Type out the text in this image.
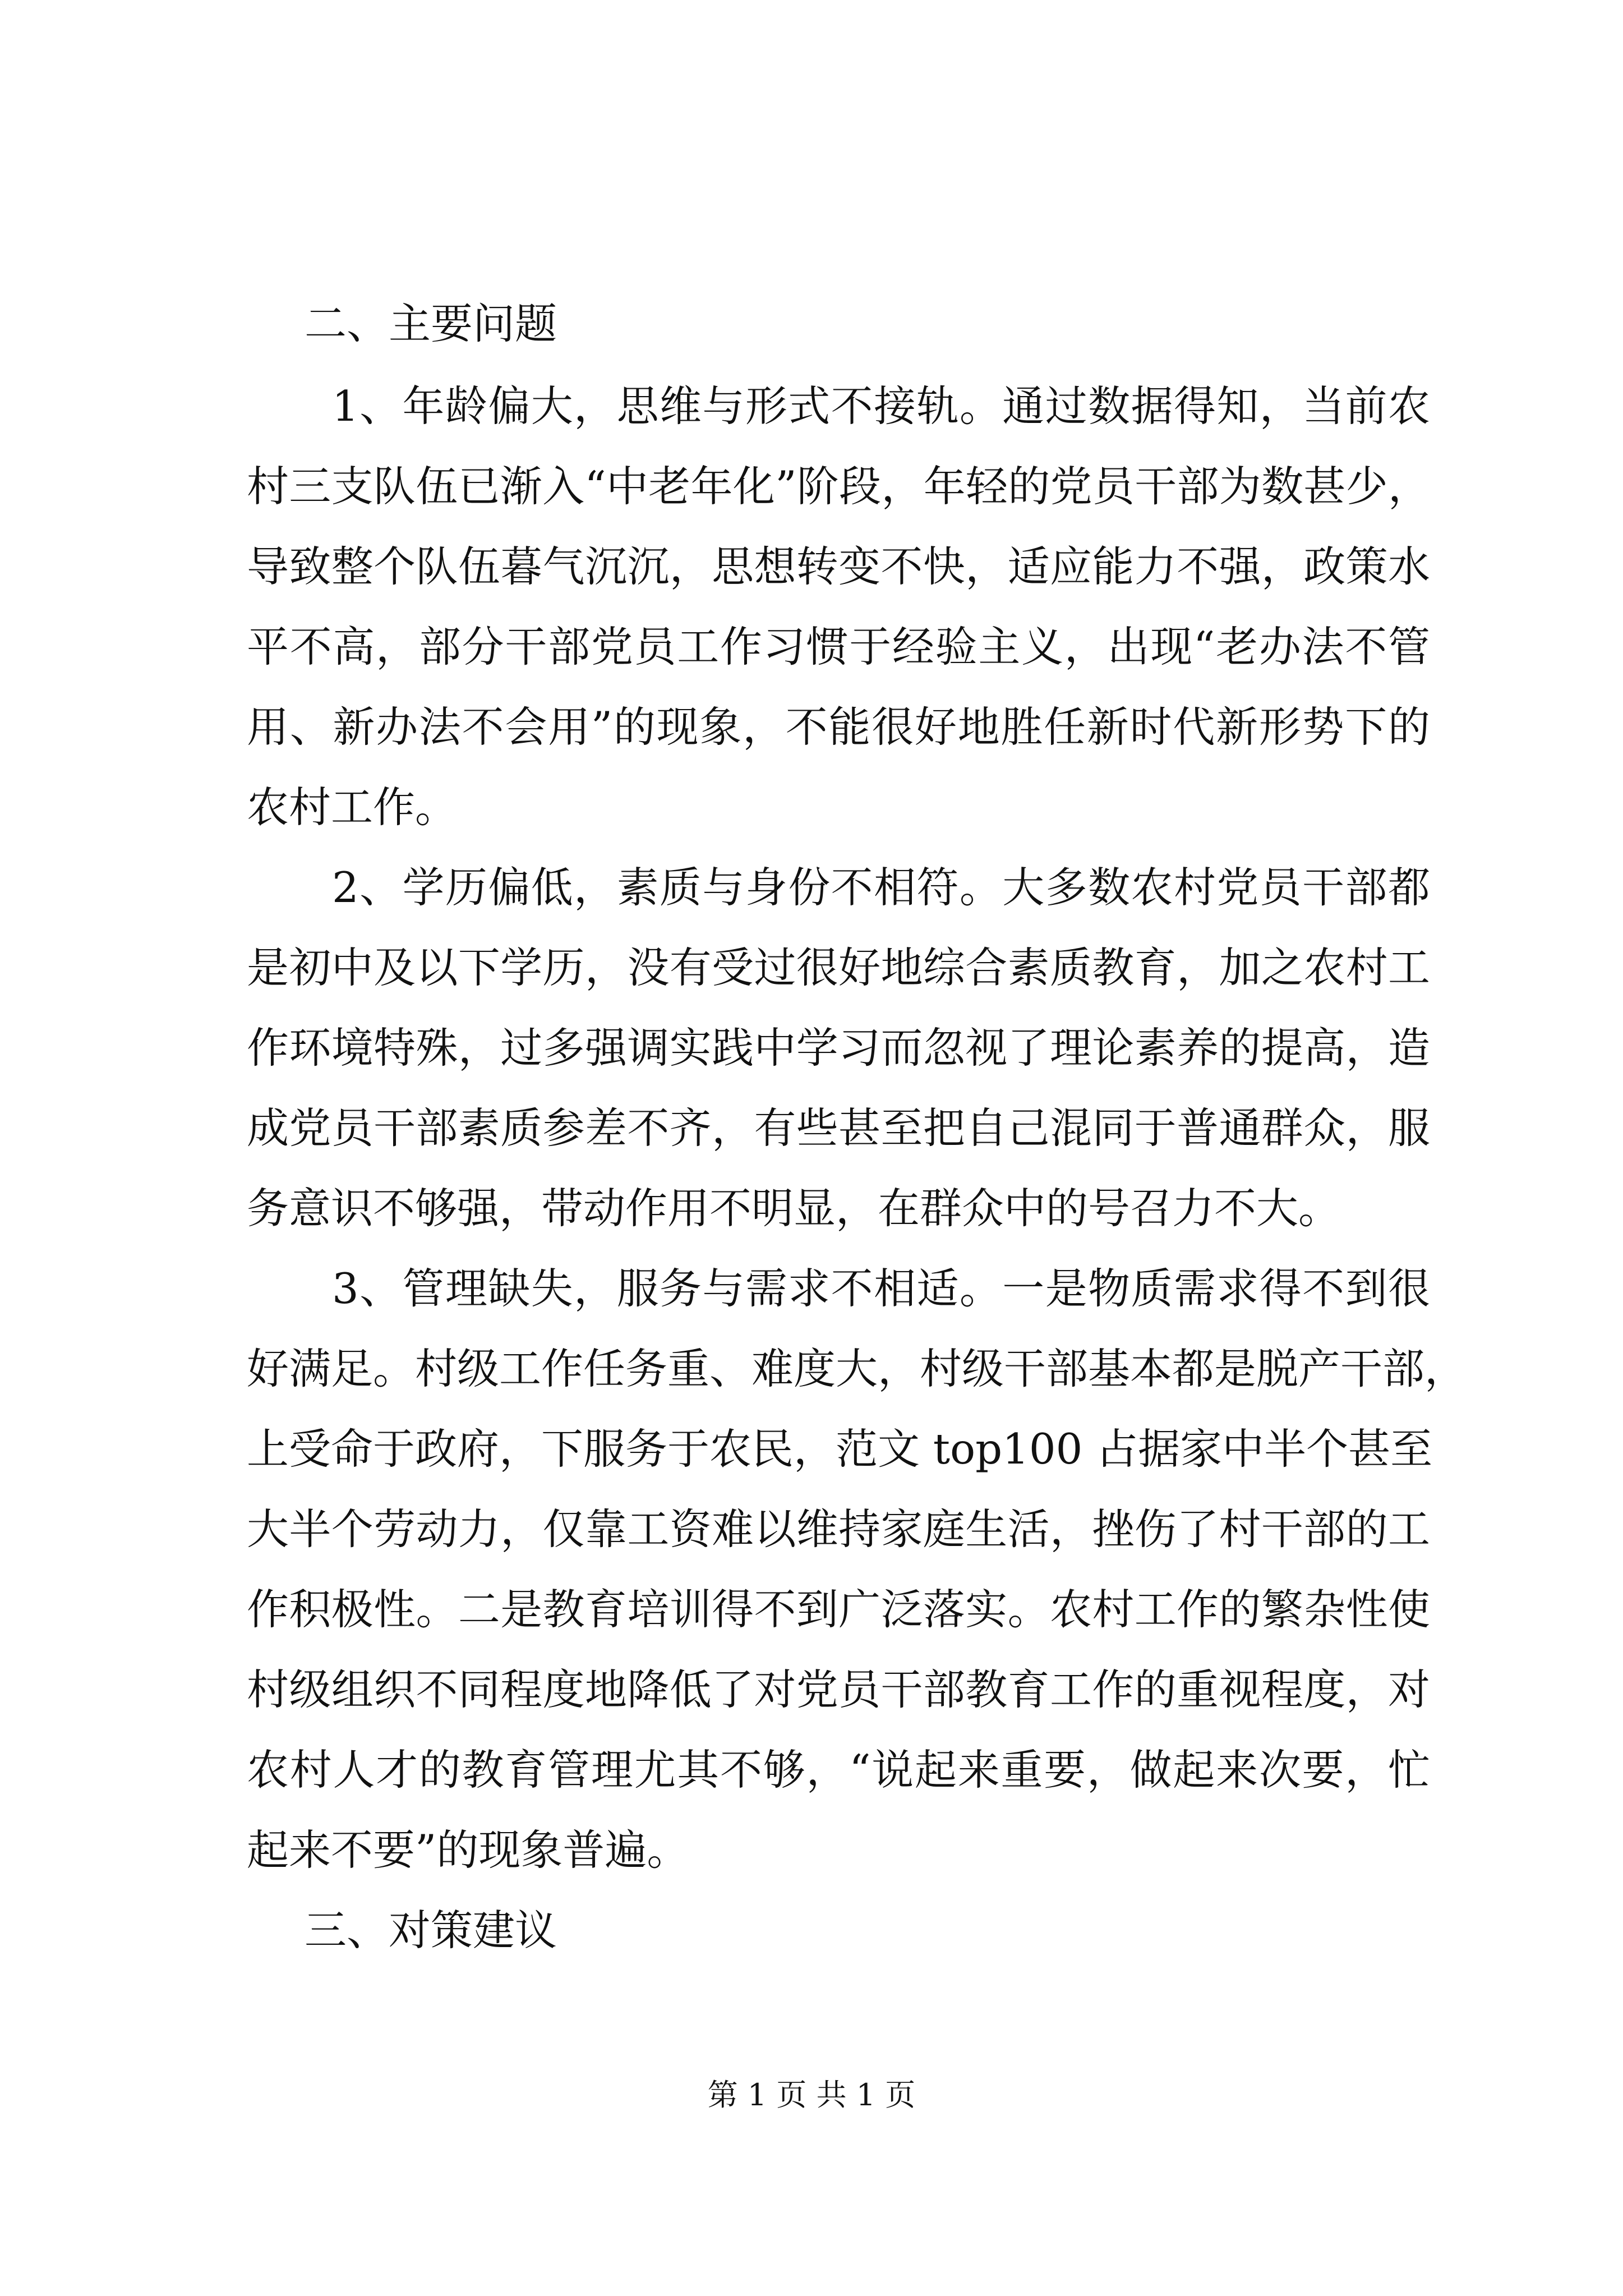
二、主要问题
1、年龄偏大，思维与形式不接轨。通过数据得知，当前农
村三支队伍已渐入“中老年化”阶段，年轻的党员干部为数甚少，
导致整个队伍暮气沉沉，思想转变不快，适应能力不强，政策水
平不高，部分干部党员工作习惯于经验主义，出现“老办法不管
用、新办法不会用”的现象，不能很好地胜任新时代新形势下的
农村工作。
2、学历偏低，素质与身份不相符。大多数农村党员干部都
是初中及以下学历，没有受过很好地综合素质教育，加之农村工
作环境特殊，过多强调实践中学习而忽视了理论素养的提高，造
成党员干部素质参差不齐，有些甚至把自己混同于普通群众，服
务意识不够强，带动作用不明显，在群众中的号召力不大。
3、管理缺失，服务与需求不相适。一是物质需求得不到很
好满足。村级工作任务重、难度大，村级干部基本都是脱产干部，
上受命于政府，下服务于农民，范文 top100 占据家中半个甚至
大半个劳动力，仅靠工资难以维持家庭生活，挫伤了村干部的工
作积极性。二是教育培训得不到广泛落实。农村工作的繁杂性使
村级组织不同程度地降低了对党员干部教育工作的重视程度，对
农村人才的教育管理尤其不够，“说起来重要，做起来次要，忙
起来不要”的现象普遍。
三、对策建议
第 1 页 共 1 页
